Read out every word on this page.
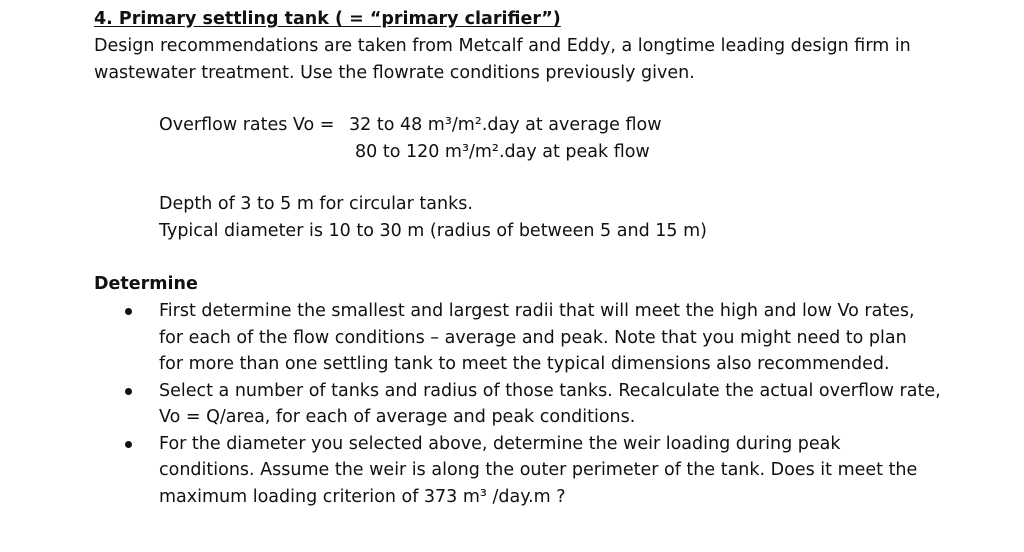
4. Primary settling tank ( = “primary clarifier”)
Design recommendations are taken from Metcalf and Eddy, a longtime leading design firm in
wastewater treatment. Use the flowrate conditions previously given.
Overflow rates Vo = 32 to 48 m³/m².day at average flow
80 to 120 m³/m².day at peak flow
Depth of 3 to 5 m for circular tanks.
Typical diameter is 10 to 30 m (radius of between 5 and 15 m)
Determine
First determine the smallest and largest radii that will meet the high and low Vo rates,
for each of the flow conditions – average and peak. Note that you might need to plan
for more than one settling tank to meet the typical dimensions also recommended.
Select a number of tanks and radius of those tanks. Recalculate the actual overflow rate,
Vo = Q/area, for each of average and peak conditions.
For the diameter you selected above, determine the weir loading during peak
conditions. Assume the weir is along the outer perimeter of the tank. Does it meet the
maximum loading criterion of 373 m³ /day.m ?
